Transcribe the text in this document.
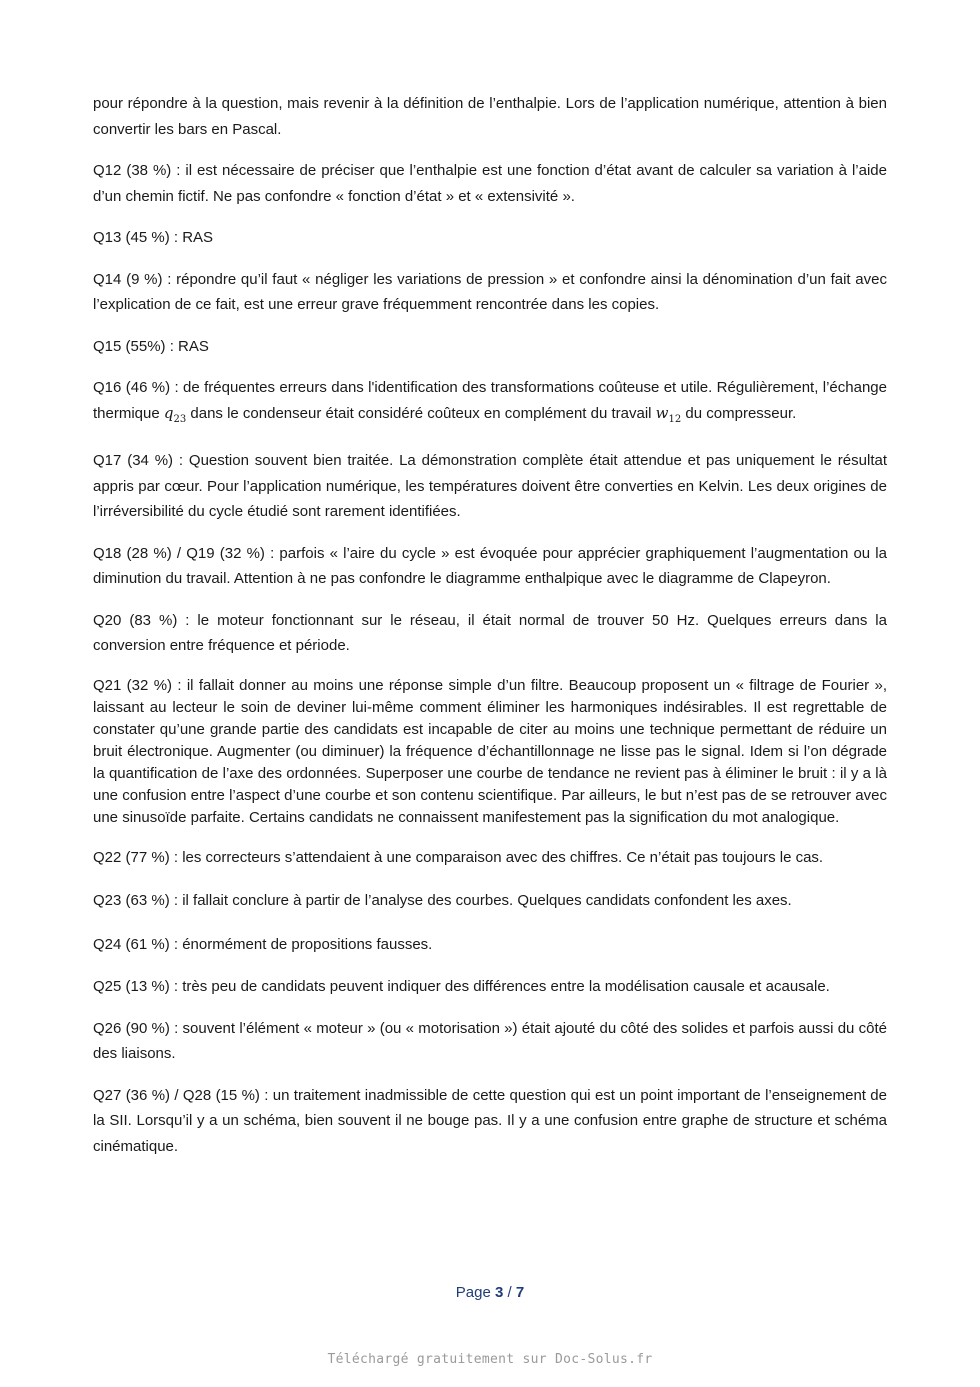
pour répondre à la question, mais revenir à la définition de l’enthalpie. Lors de l’application numérique, attention à bien convertir les bars en Pascal.

Q12 (38 %) : il est nécessaire de préciser que l’enthalpie est une fonction d’état avant de calculer sa variation à l’aide d’un chemin fictif. Ne pas confondre « fonction d’état » et « extensivité ».

Q13 (45 %) : RAS

Q14 (9 %) : répondre qu’il faut « négliger les variations de pression » et confondre ainsi la dénomination d’un fait avec l’explication de ce fait, est une erreur grave fréquemment rencontrée dans les copies.

Q15 (55%) : RAS

Q16 (46 %) : de fréquentes erreurs dans l'identification des transformations coûteuse et utile. Régulièrement, l’échange thermique $q_{23}$ dans le condenseur était considéré coûteux en complément du travail $w_{12}$ du compresseur.

Q17 (34 %) : Question souvent bien traitée. La démonstration complète était attendue et pas uniquement le résultat appris par cœur. Pour l’application numérique, les températures doivent être converties en Kelvin. Les deux origines de l’irréversibilité du cycle étudié sont rarement identifiées.

Q18 (28 %) / Q19 (32 %) : parfois « l’aire du cycle » est évoquée pour apprécier graphiquement l’augmentation ou la diminution du travail. Attention à ne pas confondre le diagramme enthalpique avec le diagramme de Clapeyron.

Q20 (83 %) : le moteur fonctionnant sur le réseau, il était normal de trouver 50 Hz. Quelques erreurs dans la conversion entre fréquence et période.

Q21 (32 %) : il fallait donner au moins une réponse simple d’un filtre. Beaucoup proposent un « filtrage de Fourier », laissant au lecteur le soin de deviner lui-même comment éliminer les harmoniques indésirables. Il est regrettable de constater qu’une grande partie des candidats est incapable de citer au moins une technique permettant de réduire un bruit électronique. Augmenter (ou diminuer) la fréquence d’échantillonnage ne lisse pas le signal. Idem si l’on dégrade la quantification de l’axe des ordonnées. Superposer une courbe de tendance ne revient pas à éliminer le bruit : il y a là une confusion entre l’aspect d’une courbe et son contenu scientifique. Par ailleurs, le but n’est pas de se retrouver avec une sinusoïde parfaite. Certains candidats ne connaissent manifestement pas la signification du mot analogique.

Q22 (77 %) : les correcteurs s’attendaient à une comparaison avec des chiffres. Ce n’était pas toujours le cas.

Q23 (63 %) : il fallait conclure à partir de l’analyse des courbes. Quelques candidats confondent les axes.

Q24 (61 %) : énormément de propositions fausses.

Q25 (13 %) : très peu de candidats peuvent indiquer des différences entre la modélisation causale et acausale.

Q26 (90 %) : souvent l’élément « moteur » (ou « motorisation ») était ajouté du côté des solides et parfois aussi du côté des liaisons.

Q27 (36 %) / Q28 (15 %) : un traitement inadmissible de cette question qui est un point important de l’enseignement de la SII. Lorsqu’il y a un schéma, bien souvent il ne bouge pas. Il y a une confusion entre graphe de structure et schéma cinématique.

Page 3 / 7
Téléchargé gratuitement sur Doc-Solus.fr
